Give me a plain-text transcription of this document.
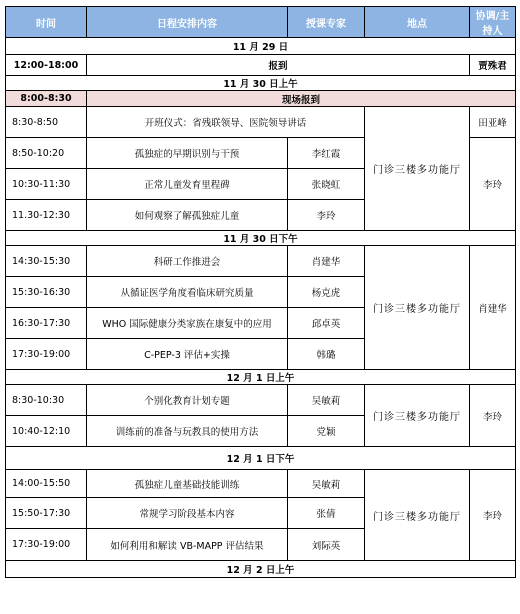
时间	日程安排内容	授课专家	地点	协调/主持人
11 月 29 日				
12:00-18:00	报到			贾殊君
11 月 30 日上午				
8:00-8:30	现场报到			
8:30-8:50	开班仪式：省残联领导、医院领导讲话		门诊三楼多功能厅	田亚峰
8:50-10:20	孤独症的早期识别与干预	李红霞		李玲
10:30-11:30	正常儿童发育里程碑	张晓虹		
11.30-12:30	如何观察了解孤独症儿童	李玲		
11 月 30 日下午				
14:30-15:30	科研工作推进会	肖建华	门诊三楼多功能厅	肖建华
15:30-16:30	从循证医学角度看临床研究质量	杨克虎		
16:30-17:30	WHO 国际健康分类家族在康复中的应用	邱卓英		
17:30-19:00	C-PEP-3 评估+实操	韩璐		
12 月 1 日上午				
8:30-10:30	个别化教育计划专题	吴敏莉	门诊三楼多功能厅	李玲
10:40-12:10	训练前的准备与玩教具的使用方法	党颖		
12 月 1 日下午				
14:00-15:50	孤独症儿童基础技能训练	吴敏莉	门诊三楼多功能厅	李玲
15:50-17:30	常规学习阶段基本内容	张倩		
17:30-19:00	如何利用和解读 VB-MAPP 评估结果	刘际英		
12 月 2 日上午				
